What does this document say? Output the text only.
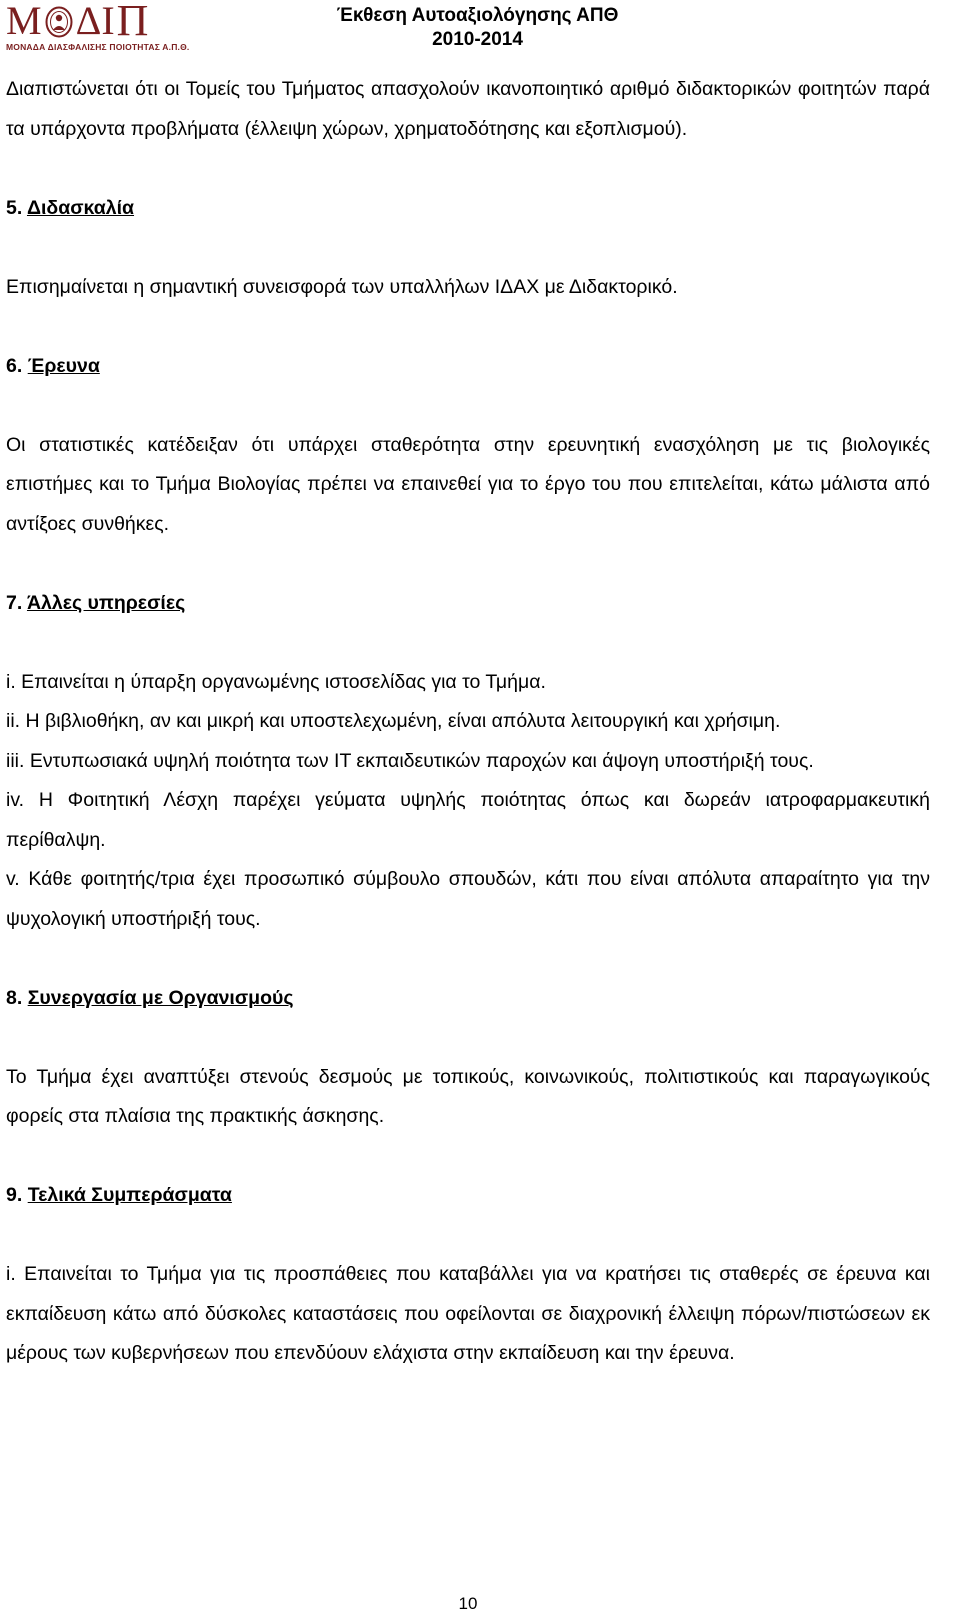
Μ Δ Ι Π
ΜΟΝΑΔΑ ΔΙΑΣΦΑΛΙΣΗΣ ΠΟΙΟΤΗΤΑΣ Α.Π.Θ.
Έκθεση Αυτοαξιολόγησης ΑΠΘ
2010-2014

Διαπιστώνεται ότι οι Τομείς του Τμήματος απασχολούν ικανοποιητικό αριθμό διδακτορικών φοιτητών παρά τα υπάρχοντα προβλήματα (έλλειψη χώρων, χρηματοδότησης και εξοπλισμού).

5. Διδασκαλία

Επισημαίνεται η σημαντική συνεισφορά των υπαλλήλων ΙΔΑΧ με Διδακτορικό.

6. Έρευνα

Οι στατιστικές κατέδειξαν ότι υπάρχει σταθερότητα στην ερευνητική ενασχόληση με τις βιολογικές επιστήμες και το Τμήμα Βιολογίας πρέπει να επαινεθεί για το έργο του που επιτελείται, κάτω μάλιστα από αντίξοες συνθήκες.

7. Άλλες υπηρεσίες

i. Επαινείται η ύπαρξη οργανωμένης ιστοσελίδας για το Τμήμα.

ii. Η βιβλιοθήκη, αν και μικρή και υποστελεχωμένη, είναι απόλυτα λειτουργική και χρήσιμη.

iii. Εντυπωσιακά υψηλή ποιότητα των IT εκπαιδευτικών παροχών και άψογη υποστήριξή τους.

iv. Η Φοιτητική Λέσχη παρέχει γεύματα υψηλής ποιότητας όπως και δωρεάν ιατροφαρμακευτική περίθαλψη.

v. Κάθε φοιτητής/τρια έχει προσωπικό σύμβουλο σπουδών, κάτι που είναι απόλυτα απαραίτητο για την ψυχολογική υποστήριξή τους.

8. Συνεργασία με Οργανισμούς

Το Τμήμα έχει αναπτύξει στενούς δεσμούς με τοπικούς, κοινωνικούς, πολιτιστικούς και παραγωγικούς φορείς στα πλαίσια της πρακτικής άσκησης.

9. Τελικά Συμπεράσματα

i. Επαινείται το Τμήμα για τις προσπάθειες που καταβάλλει για να κρατήσει τις σταθερές σε έρευνα και εκπαίδευση κάτω από δύσκολες καταστάσεις που οφείλονται σε διαχρονική έλλειψη πόρων/πιστώσεων εκ μέρους των κυβερνήσεων που επενδύουν ελάχιστα στην εκπαίδευση και την έρευνα.

10
